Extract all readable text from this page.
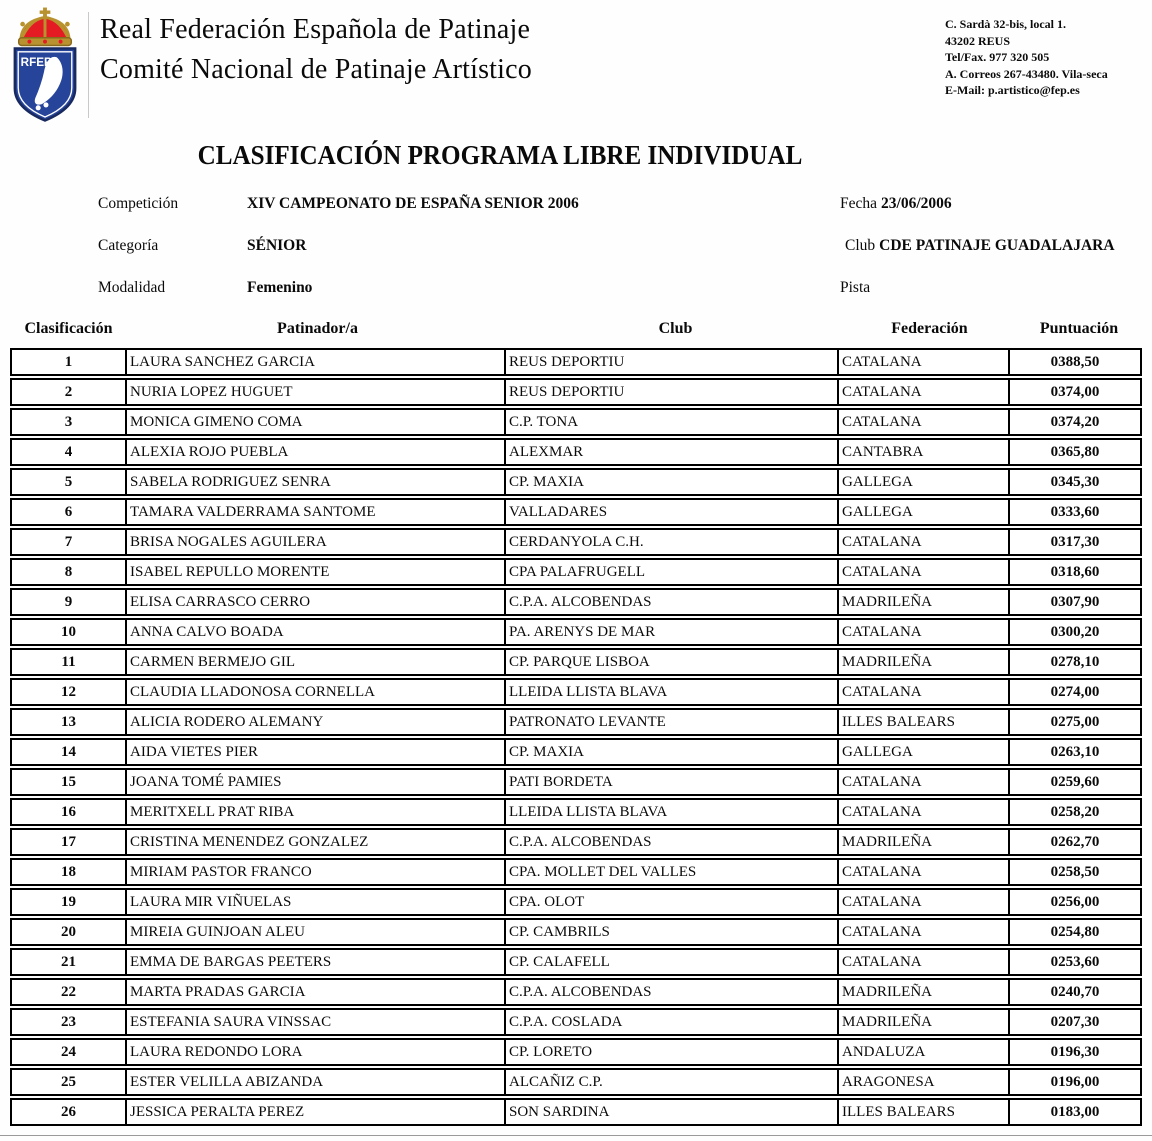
RFEP
Real Federación Española de Patinaje
Comité Nacional de Patinaje Artístico
C. Sardà 32-bis, local 1.
43202 REUS
Tel/Fax. 977 320 505
A. Correos 267-43480. Vila-seca
E-Mail: p.artistico@fep.es
CLASIFICACIÓN PROGRAMA LIBRE INDIVIDUAL
Competición	XIV CAMPEONATO DE ESPAÑA SENIOR 2006	Fecha 23/06/2006
Categoría	SÉNIOR	Club CDE PATINAJE GUADALAJARA
Modalidad	Femenino	Pista
Clasificación	Patinador/a	Club	Federación	Puntuación
1	LAURA SANCHEZ GARCIA	REUS DEPORTIU	CATALANA	0388,50
2	NURIA LOPEZ HUGUET	REUS DEPORTIU	CATALANA	0374,00
3	MONICA GIMENO COMA	C.P. TONA	CATALANA	0374,20
4	ALEXIA ROJO PUEBLA	ALEXMAR	CANTABRA	0365,80
5	SABELA RODRIGUEZ SENRA	CP. MAXIA	GALLEGA	0345,30
6	TAMARA VALDERRAMA SANTOME	VALLADARES	GALLEGA	0333,60
7	BRISA NOGALES AGUILERA	CERDANYOLA C.H.	CATALANA	0317,30
8	ISABEL REPULLO MORENTE	CPA PALAFRUGELL	CATALANA	0318,60
9	ELISA CARRASCO CERRO	C.P.A. ALCOBENDAS	MADRILEÑA	0307,90
10	ANNA CALVO BOADA	PA. ARENYS DE MAR	CATALANA	0300,20
11	CARMEN BERMEJO GIL	CP. PARQUE LISBOA	MADRILEÑA	0278,10
12	CLAUDIA LLADONOSA CORNELLA	LLEIDA LLISTA BLAVA	CATALANA	0274,00
13	ALICIA RODERO ALEMANY	PATRONATO LEVANTE	ILLES BALEARS	0275,00
14	AIDA VIETES PIER	CP. MAXIA	GALLEGA	0263,10
15	JOANA TOMÉ PAMIES	PATI BORDETA	CATALANA	0259,60
16	MERITXELL PRAT RIBA	LLEIDA LLISTA BLAVA	CATALANA	0258,20
17	CRISTINA MENENDEZ GONZALEZ	C.P.A. ALCOBENDAS	MADRILEÑA	0262,70
18	MIRIAM PASTOR FRANCO	CPA. MOLLET DEL VALLES	CATALANA	0258,50
19	LAURA MIR VIÑUELAS	CPA. OLOT	CATALANA	0256,00
20	MIREIA GUINJOAN ALEU	CP. CAMBRILS	CATALANA	0254,80
21	EMMA DE BARGAS PEETERS	CP. CALAFELL	CATALANA	0253,60
22	MARTA PRADAS GARCIA	C.P.A. ALCOBENDAS	MADRILEÑA	0240,70
23	ESTEFANIA SAURA VINSSAC	C.P.A. COSLADA	MADRILEÑA	0207,30
24	LAURA REDONDO LORA	CP. LORETO	ANDALUZA	0196,30
25	ESTER VELILLA ABIZANDA	ALCAÑIZ C.P.	ARAGONESA	0196,00
26	JESSICA PERALTA PEREZ	SON SARDINA	ILLES BALEARS	0183,00
